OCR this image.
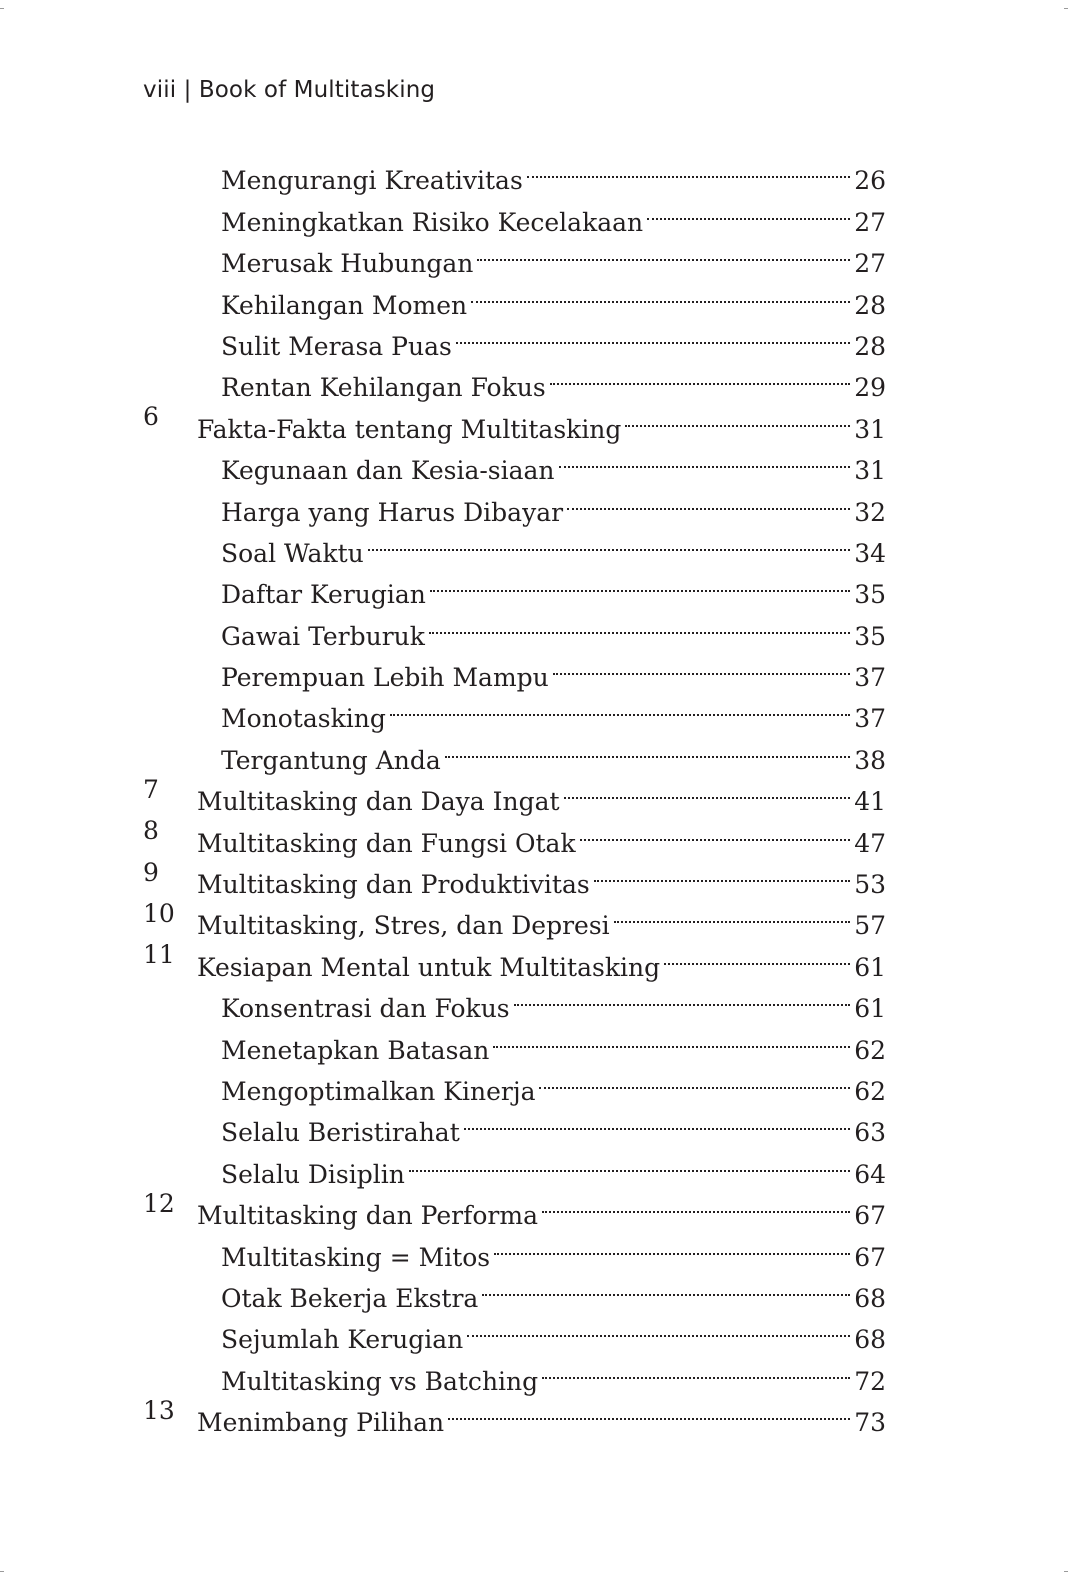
viii | Book of Multitasking
Mengurangi Kreativitas	26
Meningkatkan Risiko Kecelakaan	27
Merusak Hubungan	27
Kehilangan Momen	28
Sulit Merasa Puas	28
Rentan Kehilangan Fokus	29
6 Fakta-Fakta tentang Multitasking	31
Kegunaan dan Kesia-siaan	31
Harga yang Harus Dibayar	32
Soal Waktu	34
Daftar Kerugian	35
Gawai Terburuk	35
Perempuan Lebih Mampu	37
Monotasking	37
Tergantung Anda	38
7 Multitasking dan Daya Ingat	41
8 Multitasking dan Fungsi Otak	47
9 Multitasking dan Produktivitas	53
10 Multitasking, Stres, dan Depresi	57
11 Kesiapan Mental untuk Multitasking	61
Konsentrasi dan Fokus	61
Menetapkan Batasan	62
Mengoptimalkan Kinerja	62
Selalu Beristirahat	63
Selalu Disiplin	64
12 Multitasking dan Performa	67
Multitasking = Mitos	67
Otak Bekerja Ekstra	68
Sejumlah Kerugian	68
Multitasking vs Batching	72
13 Menimbang Pilihan	73
